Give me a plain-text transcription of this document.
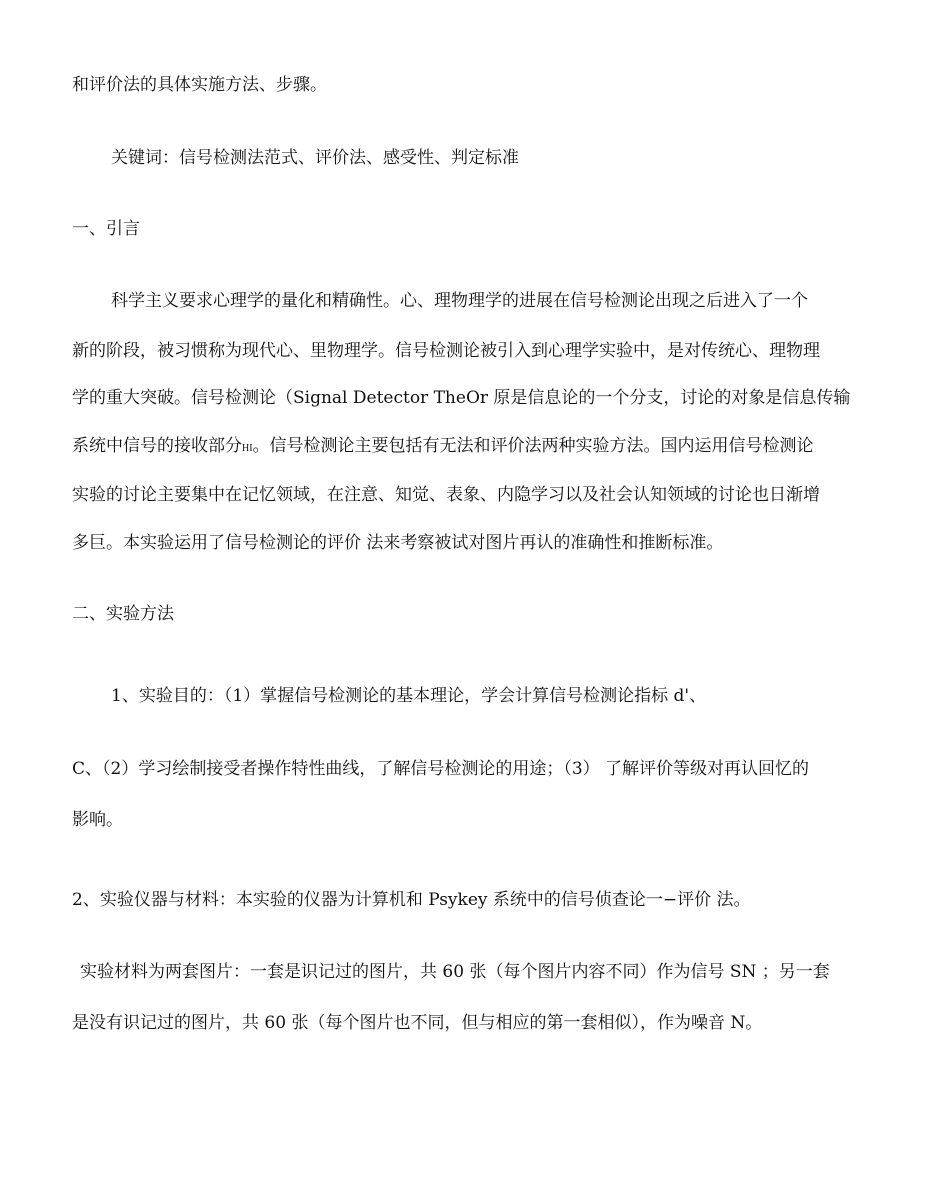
和评价法的具体实施方法、步骤。
关键词：信号检测法范式、评价法、感受性、判定标准
一、引言
科学主义要求心理学的量化和精确性。心、理物理学的进展在信号检测论出现之后进入了一个
新的阶段，被习惯称为现代心、里物理学。信号检测论被引入到心理学实验中，是对传统心、理物理
学的重大突破。信号检测论（Signal Detector TheOr 原是信息论的一个分支，讨论的对象是信息传输
系统中信号的接收部分HI。信号检测论主要包括有无法和评价法两种实验方法。国内运用信号检测论
实验的讨论主要集中在记忆领域，在注意、知觉、表象、内隐学习以及社会认知领域的讨论也日渐增
多巨。本实验运用了信号检测论的评价 法来考察被试对图片再认的准确性和推断标准。
二、实验方法
1、实验目的：（1）掌握信号检测论的基本理论，学会计算信号检测论指标 d'、
C、（2）学习绘制接受者操作特性曲线，了解信号检测论的用途；（3） 了解评价等级对再认回忆的
影响。
2、实验仪器与材料：本实验的仪器为计算机和 Psykey 系统中的信号侦查论一−评价 法。
实验材料为两套图片：一套是识记过的图片，共 60 张（每个图片内容不同）作为信号 SN ；另一套
是没有识记过的图片，共 60 张（每个图片也不同，但与相应的第一套相似），作为噪音 N。
